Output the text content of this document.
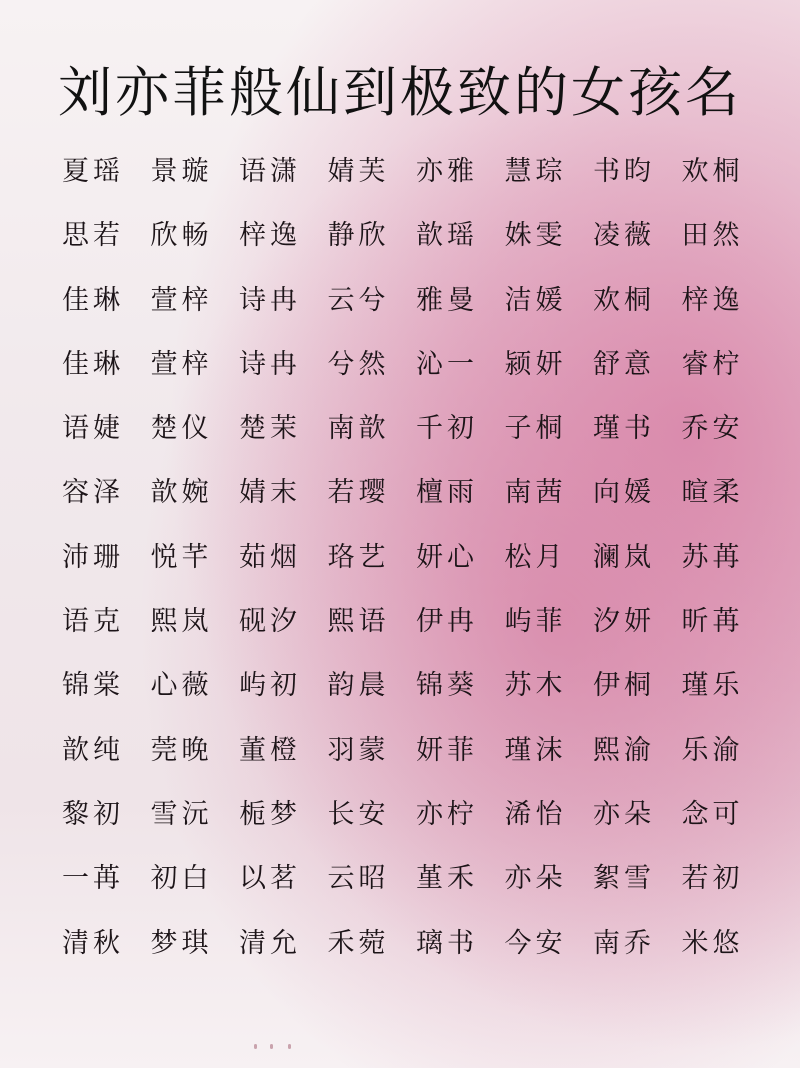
刘亦菲般仙到极致的女孩名
夏瑶 景璇 语潇 婧芙 亦雅 慧琮 书昀 欢桐
思若 欣畅 梓逸 静欣 歆瑶 姝雯 凌薇 田然
佳琳 萱梓 诗冉 云兮 雅曼 洁媛 欢桐 梓逸
佳琳 萱梓 诗冉 兮然 沁一 颍妍 舒意 睿柠
语婕 楚仪 楚茉 南歆 千初 子桐 瑾书 乔安
容泽 歆婉 婧末 若璎 檀雨 南茜 向媛 暄柔
沛珊 悦芊 茹烟 珞艺 妍心 松月 澜岚 苏苒
语克 熙岚 砚汐 熙语 伊冉 屿菲 汐妍 昕苒
锦棠 心薇 屿初 韵晨 锦葵 苏木 伊桐 瑾乐
歆纯 莞晚 董橙 羽蒙 妍菲 瑾沫 熙渝 乐渝
黎初 雪沅 栀梦 长安 亦柠 浠怡 亦朵 念可
一苒 初白 以茗 云昭 堇禾 亦朵 絮雪 若初
清秋 梦琪 清允 禾菀 璃书 今安 南乔 米悠
